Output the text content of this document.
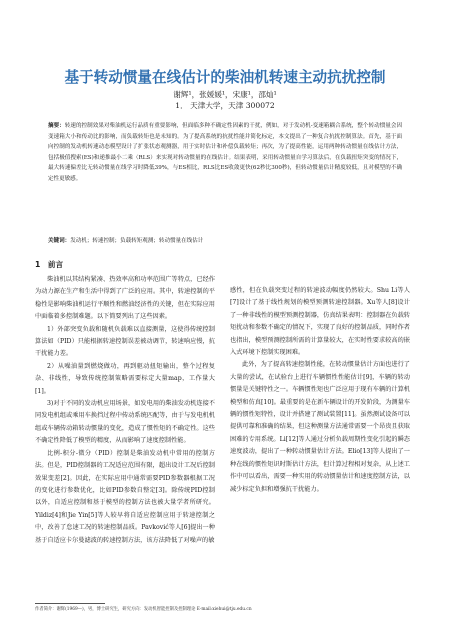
基于转动惯量在线估计的柴油机转速主动抗扰控制
谢辉¹，张媛媛¹，宋康¹，邵灿¹
1． 天津大学，天津 300072

摘要：转速的控制效果对柴油机运行品质有重要影响，但面临多种不确定性因素的干扰，例如，对于发动机-变速箱耦合系统，整个转动惯量会因变速箱大小和传动比的影响，而负载转矩也是未知的。为了提高系统的抗扰性能并简化标定，本文提出了一种复合抗扰控制算法。首先，基于面向控制的发动机转速动态模型设计了扩张状态观测器，用于实时估计和补偿负载转矩；再次，为了提高性能，运用两种转动惯量在线估计方法，包括极值搜索(ES)和递推最小二乘（RLS）来实现对转动惯量的在线估计。结果表明，采用转动惯量自学习算法后，在负载扭矩突变的情况下，最大转速偏差比无转动惯量在线学习时降低39%，与ES相比，RLS比ES收敛更快(62秒比300秒)，但转动惯量估计精度较低，且对模型的不确定性更敏感。

关键词：发动机；转速控制；负载转矩观测；转动惯量在线估计

1　前言

柴油机以其结构紧凑、热效率高和功率范围广等特点，已经作为动力源在生产和生活中得到了广泛的应用。其中，转速控制的平稳性是影响柴油机运行平顺性和燃油经济性的关键，但在实际应用中面临着多控制难题。以下简要列出了这些因素。

1）外部突变负载和随机负载难以直接测量，这使得传统控制算法如（PID）只能根据转速控制误差被动调节，转速响应慢，抗干扰能力差。

2）从噪油量到燃烧做功，再到驱动扭矩输出，整个过程复杂、非线性，导致传统控制策略需要标定大量map，工作量大[1]。

3)对于不同的发动机应用场景，如发电用的柴油发动机连接不同发电机组或乘用车换挡过程中传动系统匹配等，由于与发电机机组或车辆传动箱转动惯量的变化，造成了惯性矩的不确定性。这些不确定性降低了模型的精度，从而影响了速度控制性能。

比例-积分-微分（PID）控制是柴油发动机中常用的控制方法。但是，PID控制器的工况适应范围有限，超出设计工况后控制效果变差[2]。因此，在实际应用中通常需要PID参数器根据工况的变化进行参数优化，比如PID参数自整定[3]。除传统PID控制以外，自适应控制和基于模型的控制方法也被大量学者所研究。Yildiz[4]和Jie Yin[5]等人较早将自适应控制应用于转速控制之中，改善了怠速工况的转速控制品质。Pavković等人[6]提出一种基于自适应卡尔曼滤波的转速控制方法，该方法降低了对噪声的敏

感性，但在负载突变过程的转速波动幅度仍然较大。Shu Li等人[7]设计了基于线性规划的模型预测转速控制器。Xu等人[8]设计了一种非线性的模型预测控制器，仿真结果表明：控制器在负载转矩扰动和参数不确定的情况下，实现了良好的控制品质，同时作者也指出，模型预测控制所需的计算量较大，在实时性要求较高的嵌入式环境下控制实现困难。

此外，为了提高转速控制性能，在转动惯量估计方面也进行了大量的尝试，在试验台上进行车辆惯性性能估计[9]，车辆的转动惯量是关键特性之一。车辆惯性矩也广泛应用于现有车辆的计算机模型和仿真[10]。最重要的是在新车辆设计的开发阶段，为测量车辆的惯性矩特性，设计并搭建了测试装置[11]。虽然测试设备可以提供可靠和准确的结果，但这种测量方法通常需要一个昂贵且获取困难的专用系统。Li[12]等人通过分析负载周期性变化引起的瞬态速度波动，提出了一种转动惯量估计方法。Elio[13]等人提出了一种在线的惯性矩识时斯估计方法，但计算过程相对复杂，从上述工作中可以看出，需要一种实用的转动惯量估计和速度控制方法，以减少标定负担和增强抗干扰能力。

作者简介：谢辉(1969—)，男，博士研究生，研究方向：发动机智能控制及控制理论 E-mail:xiehui@tju.edu.cn
